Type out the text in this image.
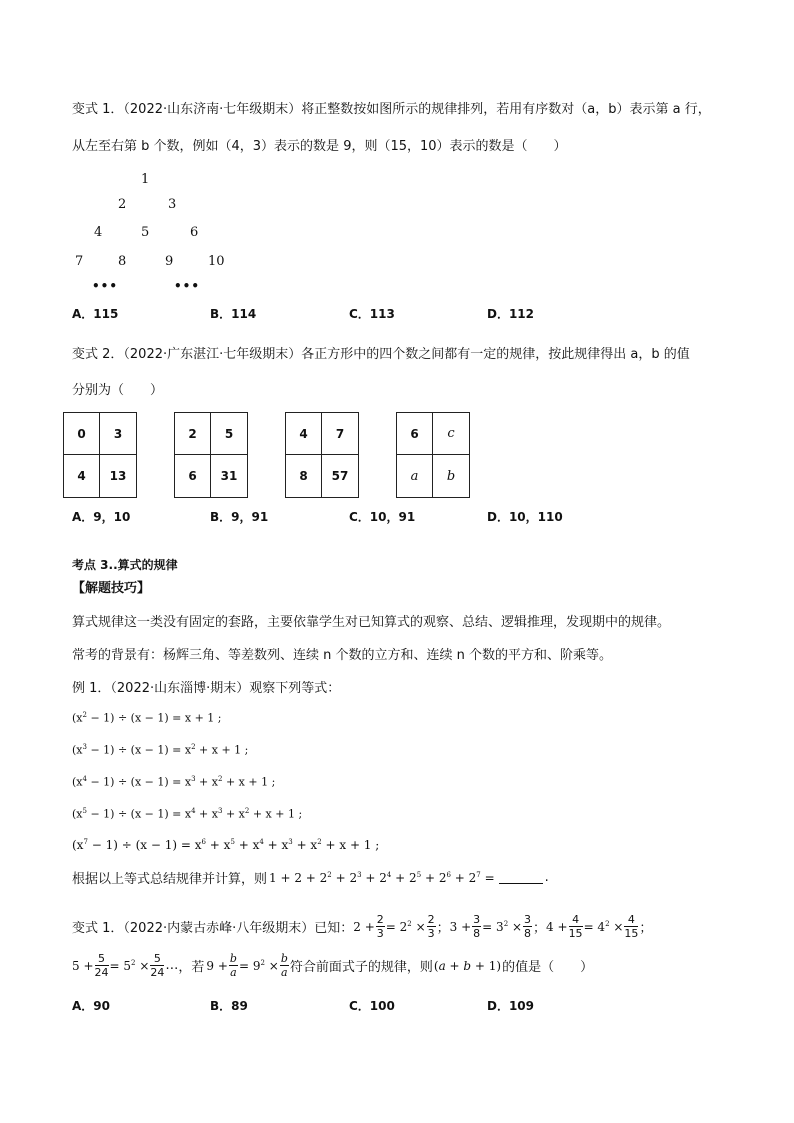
变式 1．（2022·山东济南·七年级期末）将正整数按如图所示的规律排列，若用有序数对（a，b）表示第 a 行，
从左至右第 b 个数，例如（4，3）表示的数是 9，则（15，10）表示的数是（　　）
1
2	3
4	5	6
7	8	9	10
•••	•••
A．115	B．114	C．113	D．112
变式 2．（2022·广东湛江·七年级期末）各正方形中的四个数之间都有一定的规律，按此规律得出 a，b 的值
分别为（　　）
0	3
4	13
2	5
6	31
4	7
8	57
6	c
a	b
A．9，10	B．9，91	C．10，91	D．10，110
考点 3..算式的规律
【解题技巧】
算式规律这一类没有固定的套路，主要依靠学生对已知算式的观察、总结、逻辑推理，发现期中的规律。
常考的背景有：杨辉三角、等差数列、连续 n 个数的立方和、连续 n 个数的平方和、阶乘等。
例 1．（2022·山东淄博·期末）观察下列等式：
$(x^2 - 1) \div (x - 1) = x + 1$ ;
$(x^3 - 1) \div (x - 1) = x^2 + x + 1$ ;
$(x^4 - 1) \div (x - 1) = x^3 + x^2 + x + 1$ ;
$(x^5 - 1) \div (x - 1) = x^4 + x^3 + x^2 + x + 1$ ;
$(x^7 - 1) \div (x - 1) = x^6 + x^5 + x^4 + x^3 + x^2 + x + 1$ ;
根据以上等式总结规律并计算，则 $1 + 2 + 2^2 + 2^3 + 2^4 + 2^5 + 2^6 + 2^7$ =	.
变式 1．（2022·内蒙古赤峰·八年级期末）已知： $2 + \frac{2}{3} = 2^2 \times \frac{2}{3}$ ； $3 + \frac{3}{8} = 3^2 \times \frac{3}{8}$ ； $4 + \frac{4}{15} = 4^2 \times \frac{4}{15}$ ；
$5 + \frac{5}{24} = 5^2 \times \frac{5}{24}$ … ，若 $9 + \frac{b}{a} = 9^2 \times \frac{b}{a}$ 符合前面式子的规律，则 (a + b + 1) 的值是（　　）
A．90	B．89	C．100	D．109
